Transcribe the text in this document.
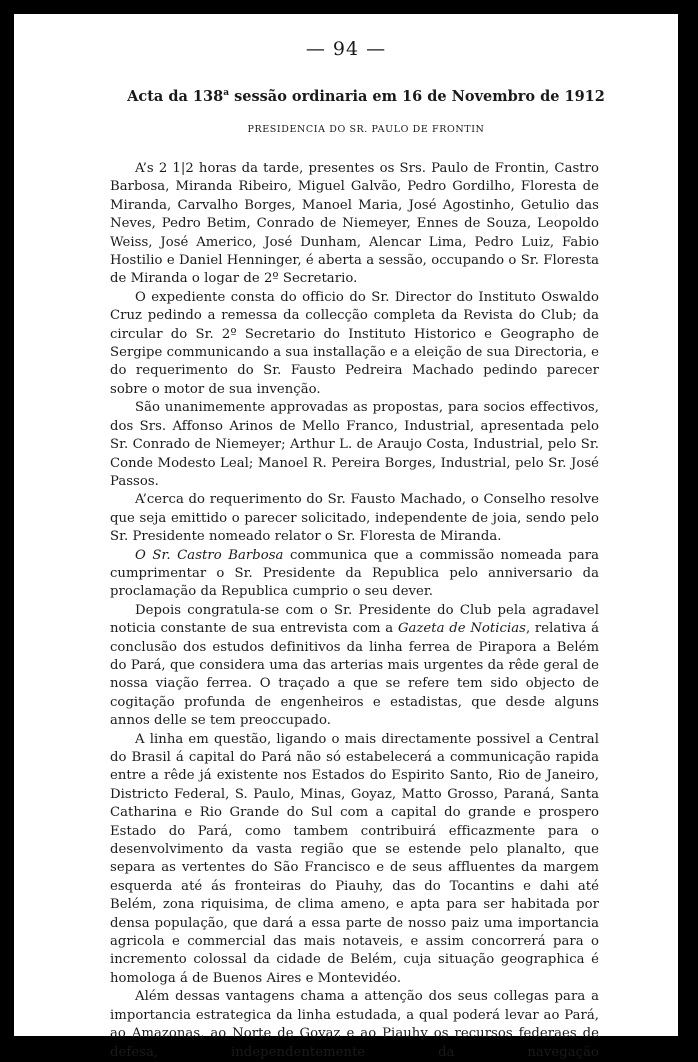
— 94 —
Acta da 138$^a$ sessão ordinaria em 16 de Novembro de 1912
PRESIDENCIA DO SR. PAULO DE FRONTIN

A’s 2 1|2 horas da tarde, presentes os Srs. Paulo de Frontin, Castro Barbosa, Miranda Ribeiro, Miguel Galvão, Pedro Gordilho, Floresta de Miranda, Carvalho Borges, Manoel Maria, José Agostinho, Getulio das Neves, Pedro Betim, Conrado de Niemeyer, Ennes de Souza, Leopoldo Weiss, José Americo, José Dunham, Alencar Lima, Pedro Luiz, Fabio Hostilio e Daniel Henninger, é aberta a sessão, occupando o Sr. Floresta de Miranda o logar de 2º Secretario.

O expediente consta do officio do Sr. Director do Instituto Oswaldo Cruz pedindo a remessa da collecção completa da Revista do Club; da circular do Sr. 2º Secretario do Instituto Historico e Geographo de Sergipe communicando a sua installação e a eleição de sua Directoria, e do requerimento do Sr. Fausto Pedreira Machado pedindo parecer sobre o motor de sua invenção.

São unanimemente approvadas as propostas, para socios effectivos, dos Srs. Affonso Arinos de Mello Franco, Industrial, apresentada pelo Sr. Conrado de Niemeyer; Arthur L. de Araujo Costa, Industrial, pelo Sr. Conde Modesto Leal; Manoel R. Pereira Borges, Industrial, pelo Sr. José Passos.

A’cerca do requerimento do Sr. Fausto Machado, o Conselho resolve que seja emittido o parecer solicitado, independente de joia, sendo pelo Sr. Presidente nomeado relator o Sr. Floresta de Miranda.

O Sr. Castro Barbosa communica que a commissão nomeada para cumprimentar o Sr. Presidente da Republica pelo anniversario da proclamação da Republica cumprio o seu dever.

Depois congratula-se com o Sr. Presidente do Club pela agradavel noticia constante de sua entrevista com a Gazeta de Noticias, relativa á conclusão dos estudos definitivos da linha ferrea de Pirapora a Belém do Pará, que considera uma das arterias mais urgentes da rêde geral de nossa viação ferrea. O traçado a que se refere tem sido objecto de cogitação profunda de engenheiros e estadistas, que desde alguns annos delle se tem preoccupado.

A linha em questão, ligando o mais directamente possivel a Central do Brasil á capital do Pará não só estabelecerá a communicação rapida entre a rêde já existente nos Estados do Espirito Santo, Rio de Janeiro, Districto Federal, S. Paulo, Minas, Goyaz, Matto Grosso, Paraná, Santa Catharina e Rio Grande do Sul com a capital do grande e prospero Estado do Pará, como tambem contribuirá efficazmente para o desenvolvimento da vasta região que se estende pelo planalto, que separa as vertentes do São Francisco e de seus affluentes da margem esquerda até ás fronteiras do Piauhy, das do Tocantins e dahi até Belém, zona riquisima, de clima ameno, e apta para ser habitada por densa população, que dará a essa parte de nosso paiz uma importancia agricola e commercial das mais notaveis, e assim concorrerá para o incremento colossal da cidade de Belém, cuja situação geographica é homologa á de Buenos Aires e Montevidéo.

Além dessas vantagens chama a attenção dos seus collegas para a importancia estrategica da linha estudada, a qual poderá levar ao Pará, ao Amazonas, ao Norte de Goyaz e ao Piauhy os recursos federaes de defesa, independentemente da navegação
